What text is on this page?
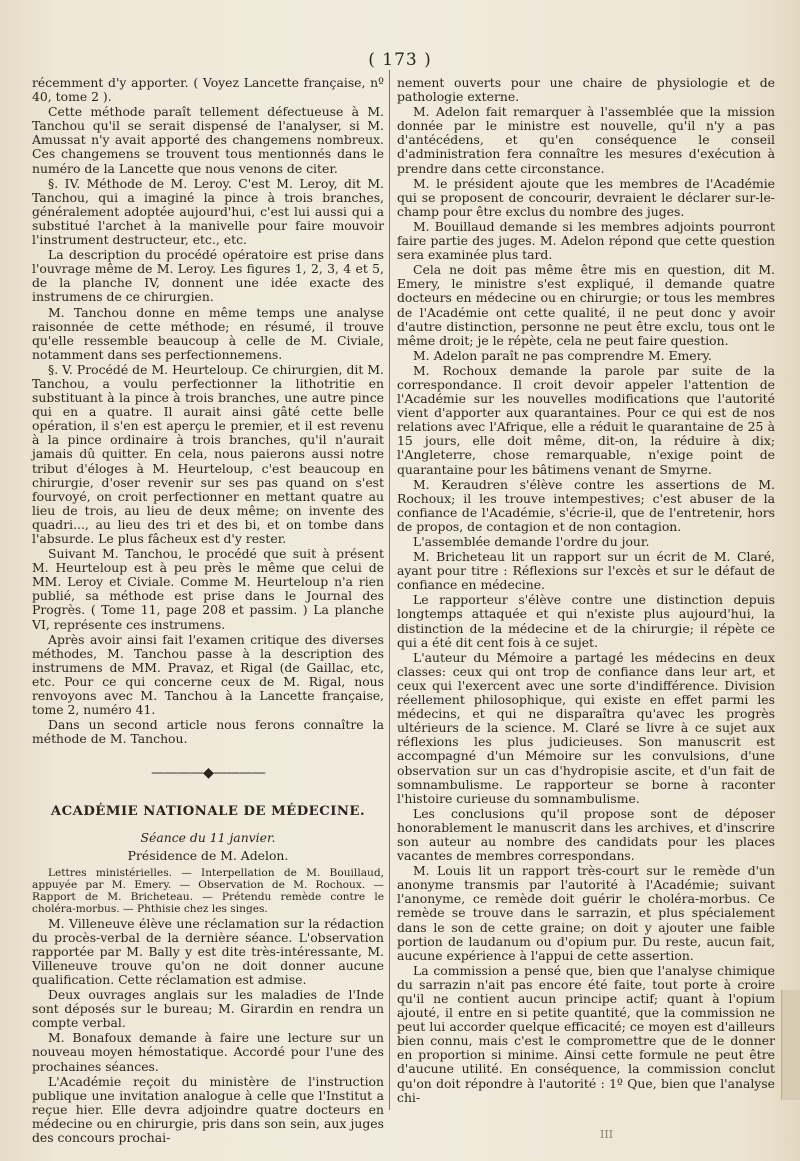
( 173 )

récemment d'y apporter. ( Voyez Lancette française, nº 40, tome 2 ).

Cette méthode paraît tellement défectueuse à M. Tanchou qu'il se serait dispensé de l'analyser, si M. Amussat n'y avait apporté des changemens nombreux. Ces changemens se trouvent tous mentionnés dans le numéro de la Lancette que nous venons de citer.

§. IV. Méthode de M. Leroy. C'est M. Leroy, dit M. Tanchou, qui a imaginé la pince à trois branches, généralement adoptée aujourd'hui, c'est lui aussi qui a substitué l'archet à la manivelle pour faire mouvoir l'instrument destructeur, etc., etc.

La description du procédé opératoire est prise dans l'ouvrage même de M. Leroy. Les figures 1, 2, 3, 4 et 5, de la planche IV, donnent une idée exacte des instrumens de ce chirurgien.

M. Tanchou donne en même temps une analyse raisonnée de cette méthode; en résumé, il trouve qu'elle ressemble beaucoup à celle de M. Civiale, notamment dans ses perfectionnemens.

§. V. Procédé de M. Heurteloup. Ce chirurgien, dit M. Tanchou, a voulu perfectionner la lithotritie en substituant à la pince à trois branches, une autre pince qui en a quatre. Il aurait ainsi gâté cette belle opération, il s'en est aperçu le premier, et il est revenu à la pince ordinaire à trois branches, qu'il n'aurait jamais dû quitter. En cela, nous paierons aussi notre tribut d'éloges à M. Heurteloup, c'est beaucoup en chirurgie, d'oser revenir sur ses pas quand on s'est fourvoyé, on croit perfectionner en mettant quatre au lieu de trois, au lieu de deux même; on invente des quadri..., au lieu des tri et des bi, et on tombe dans l'absurde. Le plus fâcheux est d'y rester.

Suivant M. Tanchou, le procédé que suit à présent M. Heurteloup est à peu près le même que celui de MM. Leroy et Civiale. Comme M. Heurteloup n'a rien publié, sa méthode est prise dans le Journal des Progrès. ( Tome 11, page 208 et passim. ) La planche VI, représente ces instrumens.

Après avoir ainsi fait l'examen critique des diverses méthodes, M. Tanchou passe à la description des instrumens de MM. Pravaz, et Rigal (de Gaillac, etc, etc. Pour ce qui concerne ceux de M. Rigal, nous renvoyons avec M. Tanchou à la Lancette française, tome 2, numéro 41.

Dans un second article nous ferons connaître la méthode de M. Tanchou.

————◆————
ACADÉMIE NATIONALE DE MÉDECINE.
Séance du 11 janvier.
Présidence de M. Adelon.

Lettres ministérielles. — Interpellation de M. Bouillaud, appuyée par M. Emery. — Observation de M. Rochoux. — Rapport de M. Bricheteau. — Prétendu remède contre le choléra-morbus. — Phthisie chez les singes.

M. Villeneuve élève une réclamation sur la rédaction du procès-verbal de la dernière séance. L'observation rapportée par M. Bally y est dite très-intéressante, M. Villeneuve trouve qu'on ne doit donner aucune qualification. Cette réclamation est admise.

Deux ouvrages anglais sur les maladies de l'Inde sont déposés sur le bureau; M. Girardin en rendra un compte verbal.

M. Bonafoux demande à faire une lecture sur un nouveau moyen hémostatique. Accordé pour l'une des prochaines séances.

L'Académie reçoit du ministère de l'instruction publique une invitation analogue à celle que l'Institut a reçue hier. Elle devra adjoindre quatre docteurs en médecine ou en chirurgie, pris dans son sein, aux juges des concours prochai-

nement ouverts pour une chaire de physiologie et de pathologie externe.

M. Adelon fait remarquer à l'assemblée que la mission donnée par le ministre est nouvelle, qu'il n'y a pas d'antécédens, et qu'en conséquence le conseil d'administration fera connaître les mesures d'exécution à prendre dans cette circonstance.

M. le président ajoute que les membres de l'Académie qui se proposent de concourir, devraient le déclarer sur-le-champ pour être exclus du nombre des juges.

M. Bouillaud demande si les membres adjoints pourront faire partie des juges. M. Adelon répond que cette question sera examinée plus tard.

Cela ne doit pas même être mis en question, dit M. Emery, le ministre s'est expliqué, il demande quatre docteurs en médecine ou en chirurgie; or tous les membres de l'Académie ont cette qualité, il ne peut donc y avoir d'autre distinction, personne ne peut être exclu, tous ont le même droit; je le répète, cela ne peut faire question.

M. Adelon paraît ne pas comprendre M. Emery.

M. Rochoux demande la parole par suite de la correspondance. Il croit devoir appeler l'attention de l'Académie sur les nouvelles modifications que l'autorité vient d'apporter aux quarantaines. Pour ce qui est de nos relations avec l'Afrique, elle a réduit le quarantaine de 25 à 15 jours, elle doit même, dit-on, la réduire à dix; l'Angleterre, chose remarquable, n'exige point de quarantaine pour les bâtimens venant de Smyrne.

M. Keraudren s'élève contre les assertions de M. Rochoux; il les trouve intempestives; c'est abuser de la confiance de l'Académie, s'écrie-il, que de l'entretenir, hors de propos, de contagion et de non contagion.

L'assemblée demande l'ordre du jour.

M. Bricheteau lit un rapport sur un écrit de M. Claré, ayant pour titre : Réflexions sur l'excès et sur le défaut de confiance en médecine.

Le rapporteur s'élève contre une distinction depuis longtemps attaquée et qui n'existe plus aujourd'hui, la distinction de la médecine et de la chirurgie; il répète ce qui a été dit cent fois à ce sujet.

L'auteur du Mémoire a partagé les médecins en deux classes: ceux qui ont trop de confiance dans leur art, et ceux qui l'exercent avec une sorte d'indifférence. Division réellement philosophique, qui existe en effet parmi les médecins, et qui ne disparaîtra qu'avec les progrès ultérieurs de la science. M. Claré se livre à ce sujet aux réflexions les plus judicieuses. Son manuscrit est accompagné d'un Mémoire sur les convulsions, d'une observation sur un cas d'hydropisie ascite, et d'un fait de somnambulisme. Le rapporteur se borne à raconter l'histoire curieuse du somnambulisme.

Les conclusions qu'il propose sont de déposer honorablement le manuscrit dans les archives, et d'inscrire son auteur au nombre des candidats pour les places vacantes de membres correspondans.

M. Louis lit un rapport très-court sur le remède d'un anonyme transmis par l'autorité à l'Académie; suivant l'anonyme, ce remède doit guérir le choléra-morbus. Ce remède se trouve dans le sarrazin, et plus spécialement dans le son de cette graine; on doit y ajouter une faible portion de laudanum ou d'opium pur. Du reste, aucun fait, aucune expérience à l'appui de cette assertion.

La commission a pensé que, bien que l'analyse chimique du sarrazin n'ait pas encore été faite, tout porte à croire qu'il ne contient aucun principe actif; quant à l'opium ajouté, il entre en si petite quantité, que la commission ne peut lui accorder quelque efficacité; ce moyen est d'ailleurs bien connu, mais c'est le compromettre que de le donner en proportion si minime. Ainsi cette formule ne peut être d'aucune utilité. En conséquence, la commission conclut qu'on doit répondre à l'autorité : 1º Que, bien que l'analyse chi-

III
